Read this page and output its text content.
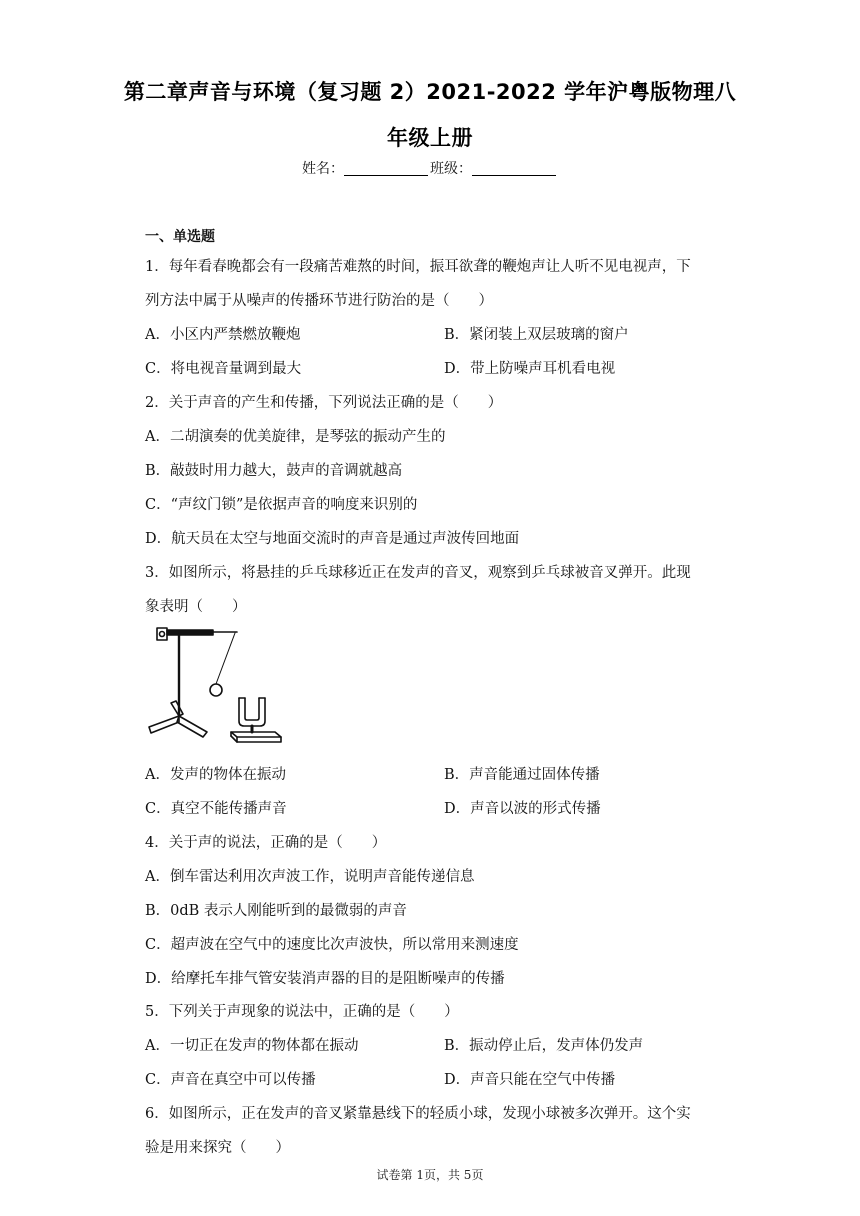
第二章声音与环境（复习题 2）2021-2022 学年沪粤版物理八
年级上册
姓名：	班级：
一、单选题
1．每年看春晚都会有一段痛苦难熬的时间，振耳欲聋的鞭炮声让人听不见电视声，下
列方法中属于从噪声的传播环节进行防治的是（　　）
A．小区内严禁燃放鞭炮	B．紧闭装上双层玻璃的窗户
C．将电视音量调到最大	D．带上防噪声耳机看电视
2．关于声音的产生和传播，下列说法正确的是（　　）
A．二胡演奏的优美旋律，是琴弦的振动产生的
B．敲鼓时用力越大，鼓声的音调就越高
C．“声纹门锁”是依据声音的响度来识别的
D．航天员在太空与地面交流时的声音是通过声波传回地面
3．如图所示，将悬挂的乒乓球移近正在发声的音叉，观察到乒乓球被音叉弹开。此现
象表明（　　）
A．发声的物体在振动	B．声音能通过固体传播
C．真空不能传播声音	D．声音以波的形式传播
4．关于声的说法，正确的是（　　）
A．倒车雷达利用次声波工作，说明声音能传递信息
B．0dB 表示人刚能听到的最微弱的声音
C．超声波在空气中的速度比次声波快，所以常用来测速度
D．给摩托车排气管安装消声器的目的是阻断噪声的传播
5．下列关于声现象的说法中，正确的是（　　）
A．一切正在发声的物体都在振动	B．振动停止后，发声体仍发声
C．声音在真空中可以传播	D．声音只能在空气中传播
6．如图所示，正在发声的音叉紧靠悬线下的轻质小球，发现小球被多次弹开。这个实
验是用来探究（　　）
试卷第 1页，共 5页
